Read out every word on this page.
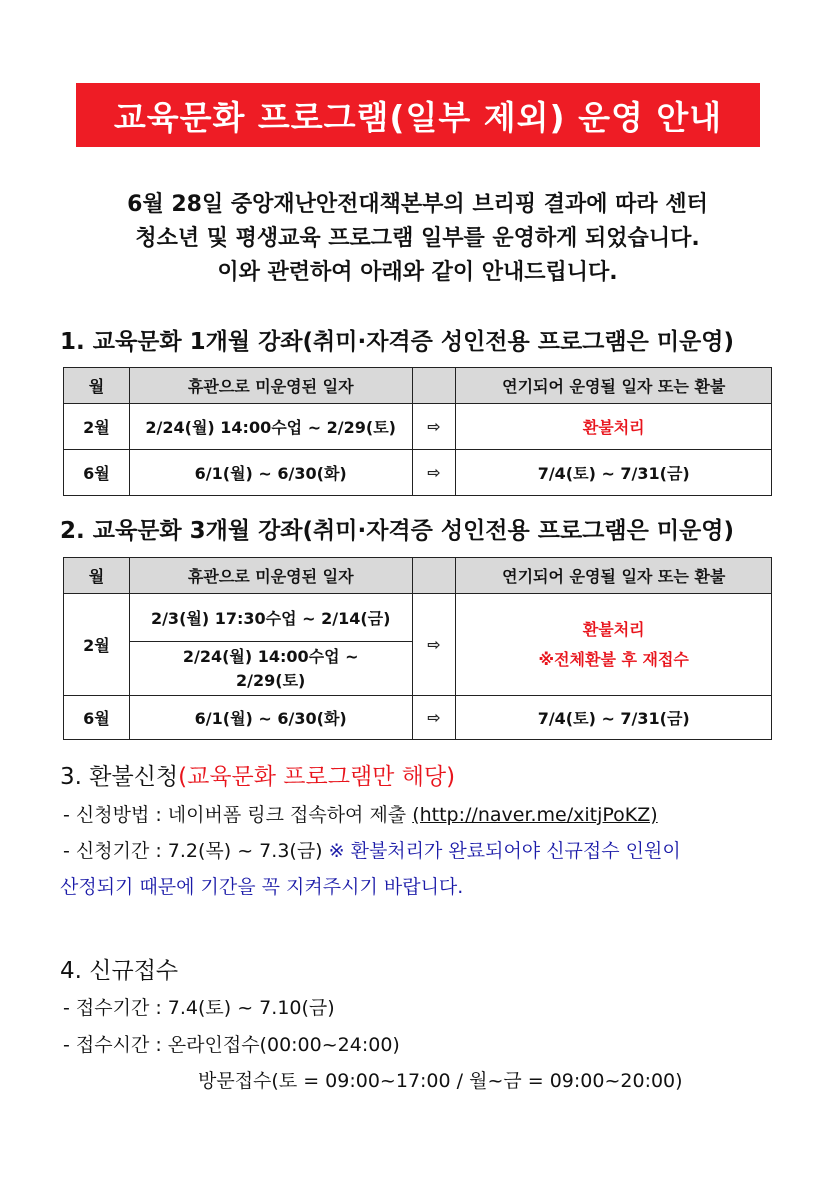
교육문화 프로그램(일부 제외) 운영 안내
6월 28일 중앙재난안전대책본부의 브리핑 결과에 따라 센터
청소년 및 평생교육 프로그램 일부를 운영하게 되었습니다.
이와 관련하여 아래와 같이 안내드립니다.
1. 교육문화 1개월 강좌(취미·자격증 성인전용 프로그램은 미운영)
월	휴관으로 미운영된 일자		연기되어 운영될 일자 또는 환불
2월	2/24(월) 14:00수업 ~ 2/29(토)	⇨	환불처리
6월	6/1(월) ~ 6/30(화)	⇨	7/4(토) ~ 7/31(금)
2. 교육문화 3개월 강좌(취미·자격증 성인전용 프로그램은 미운영)
월	휴관으로 미운영된 일자		연기되어 운영될 일자 또는 환불
2월	2/3(월) 17:30수업 ~ 2/14(금)	⇨	환불처리
※전체환불 후 재접수

	2/24(월) 14:00수업 ~
2/29(토)		

6월	6/1(월) ~ 6/30(화)	⇨	7/4(토) ~ 7/31(금)
3. 환불신청(교육문화 프로그램만 해당)
- 신청방법 : 네이버폼 링크 접속하여 제출 (http://naver.me/xitjPoKZ)
- 신청기간 : 7.2(목) ~ 7.3(금) ※ 환불처리가 완료되어야 신규접수 인원이
산정되기 때문에 기간을 꼭 지켜주시기 바랍니다.
4. 신규접수
- 접수기간 : 7.4(토) ~ 7.10(금)
- 접수시간 : 온라인접수(00:00~24:00)
방문접수(토 = 09:00~17:00 / 월~금 = 09:00~20:00)
